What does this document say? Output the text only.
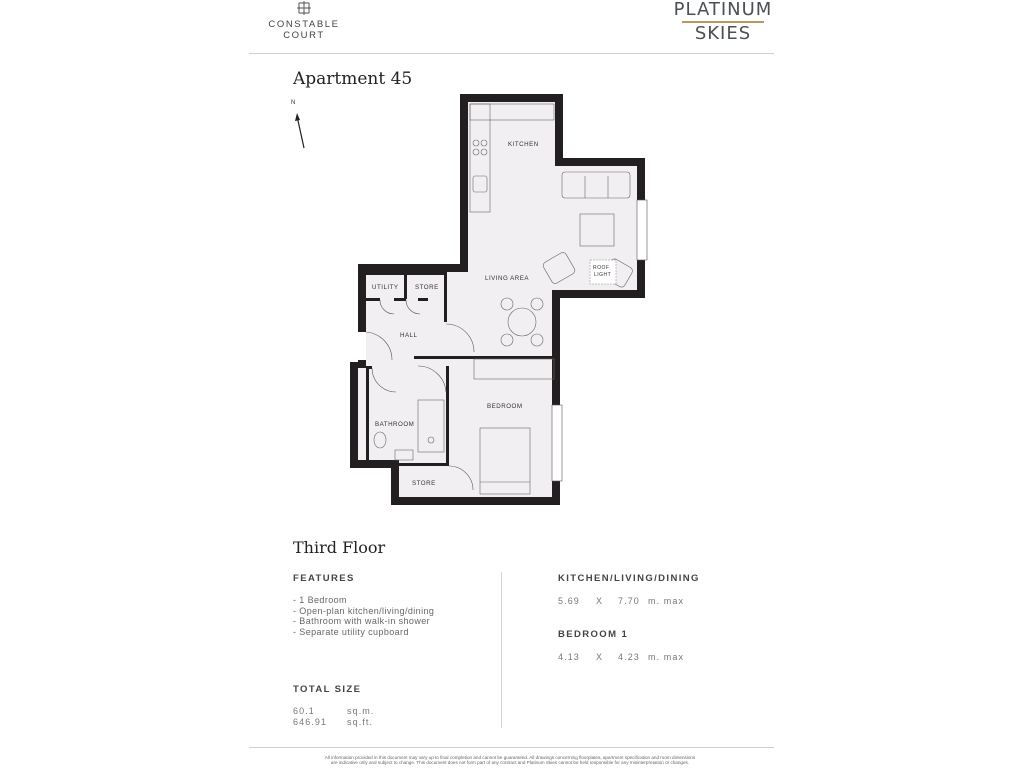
CONSTABLE COURT
PLATINUM
SKIES
Apartment 45
N
KITCHEN
LIVING AREA
UTILITY	STORE
HALL
BEDROOM
BATHROOM
STORE
ROOF
LIGHT
Third Floor
FEATURES
- 1 Bedroom
- Open-plan kitchen/living/dining
- Bathroom with walk-in shower
- Separate utility cupboard
TOTAL SIZE
60.1	sq.m.
646.91 sq.ft.
KITCHEN/LIVING/DINING
5.69 X 7.70 m. max
BEDROOM 1
4.13 X 4.23 m. max
All information provided in this document may vary up to final completion and cannot be guaranteed. All drawings concerning floorplates, apartment specification and room dimensions
are indicative only and subject to change. This document does not form part of any contract and Platinum Skies cannot be held responsible for any misinterpretation or changes.
